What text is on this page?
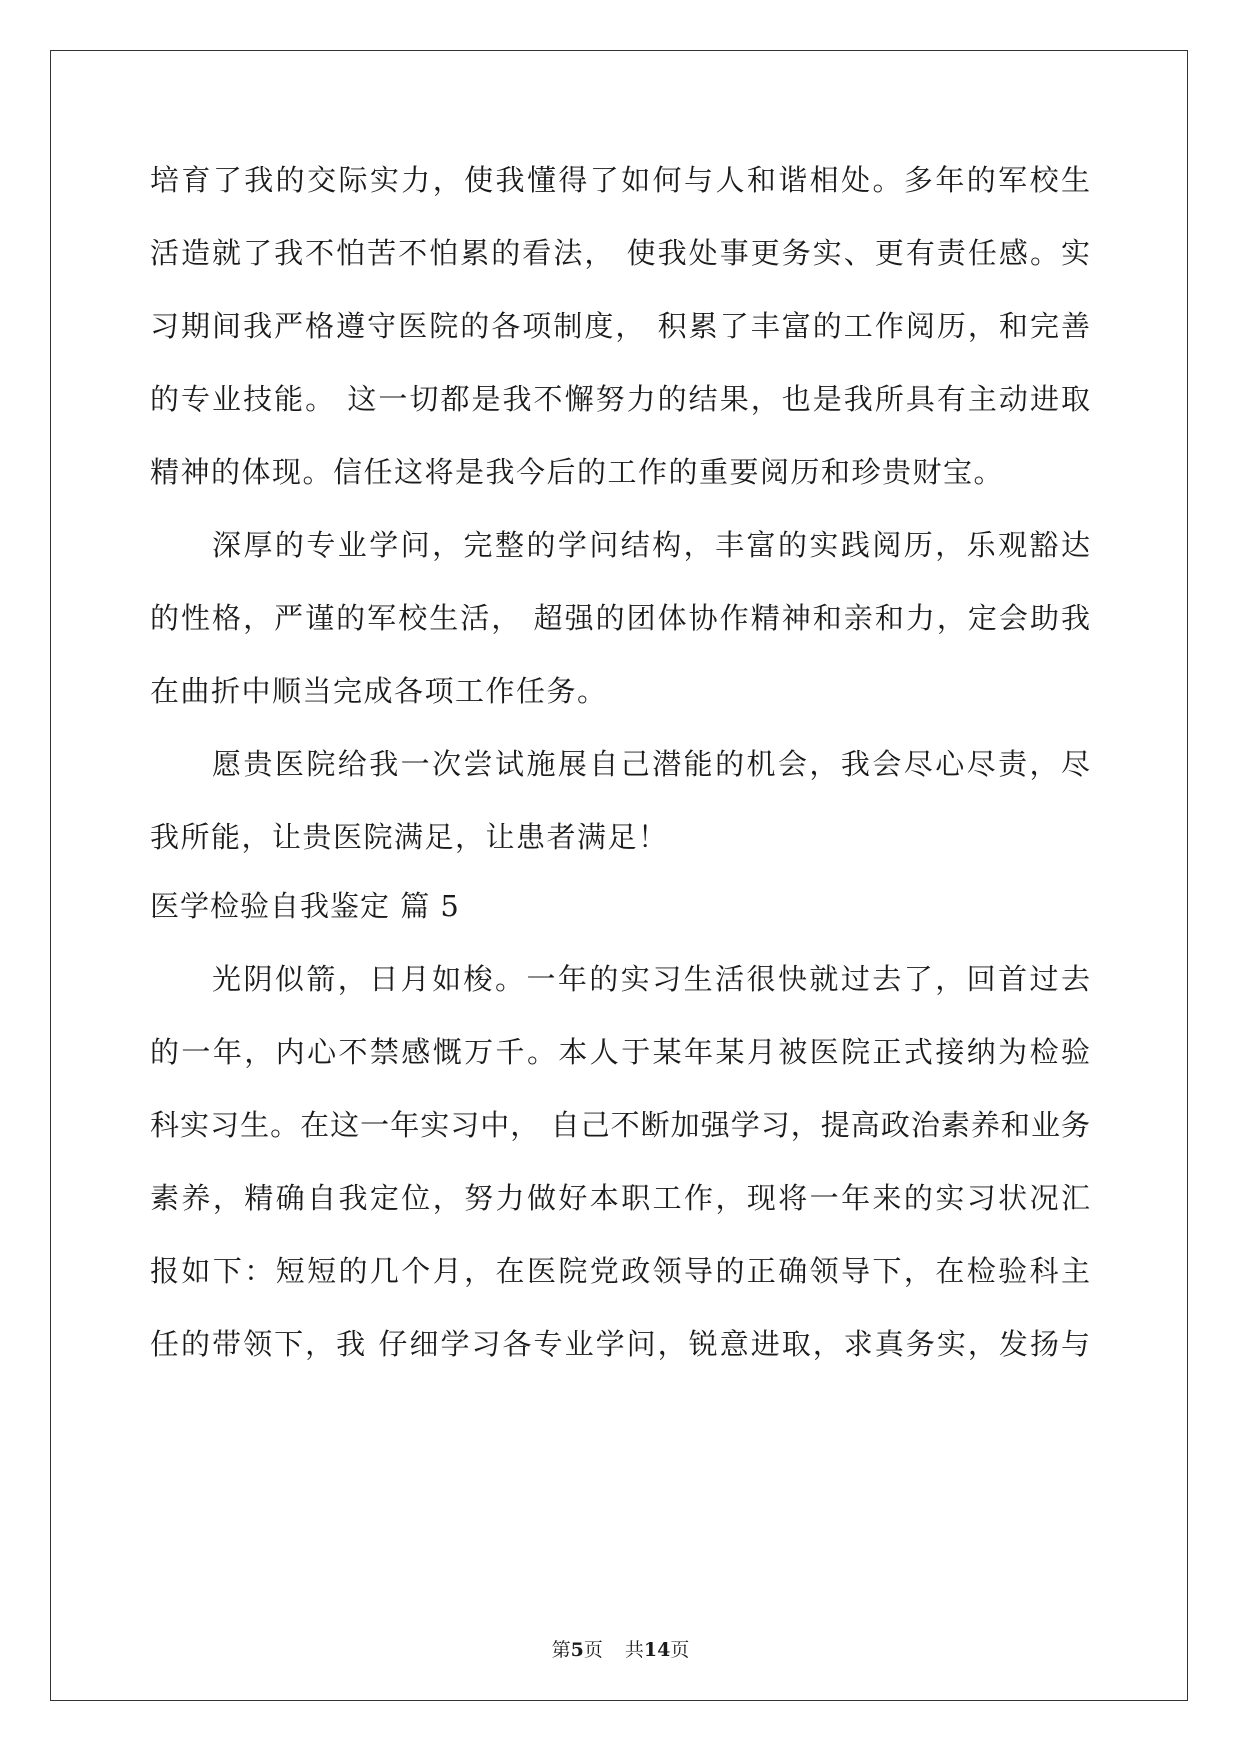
培育了我的交际实力，使我懂得了如何与人和谐相处。多年的军校生
活造就了我不怕苦不怕累的看法， 使我处事更务实、更有责任感。实
习期间我严格遵守医院的各项制度， 积累了丰富的工作阅历，和完善
的专业技能。 这一切都是我不懈努力的结果，也是我所具有主动进取
精神的体现。信任这将是我今后的工作的重要阅历和珍贵财宝。
深厚的专业学问，完整的学问结构，丰富的实践阅历，乐观豁达
的性格，严谨的军校生活， 超强的团体协作精神和亲和力，定会助我
在曲折中顺当完成各项工作任务。
愿贵医院给我一次尝试施展自己潜能的机会，我会尽心尽责，尽
我所能，让贵医院满足，让患者满足！
医学检验自我鉴定 篇 5
光阴似箭，日月如梭。一年的实习生活很快就过去了，回首过去
的一年，内心不禁感慨万千。本人于某年某月被医院正式接纳为检验
科实习生。在这一年实习中， 自己不断加强学习，提高政治素养和业务
素养，精确自我定位，努力做好本职工作，现将一年来的实习状况汇
报如下：短短的几个月，在医院党政领导的正确领导下，在检验科主
任的带领下，我 仔细学习各专业学问，锐意进取，求真务实，发扬与
第5页 共14页
